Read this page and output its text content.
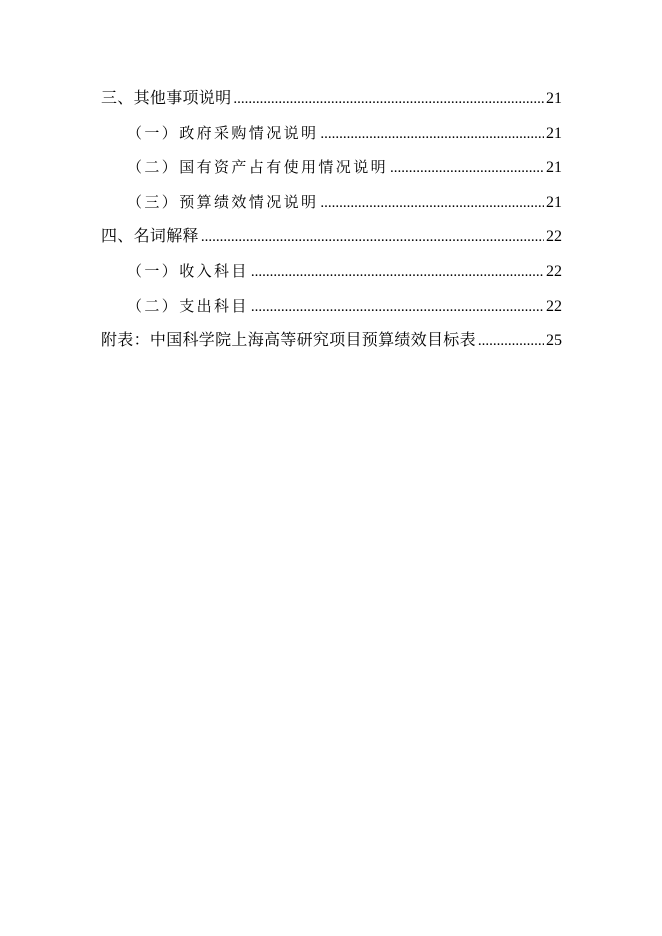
三、其他事项说明 .....	21
（一）政府采购情况说明 .....	21
（二）国有资产占有使用情况说明 .....	21
（三）预算绩效情况说明 .....	21
四、名词解释 .....	22
（一）收入科目 .....	22
（二）支出科目 .....	22
附表：中国科学院上海高等研究项目预算绩效目标表 .....	25
